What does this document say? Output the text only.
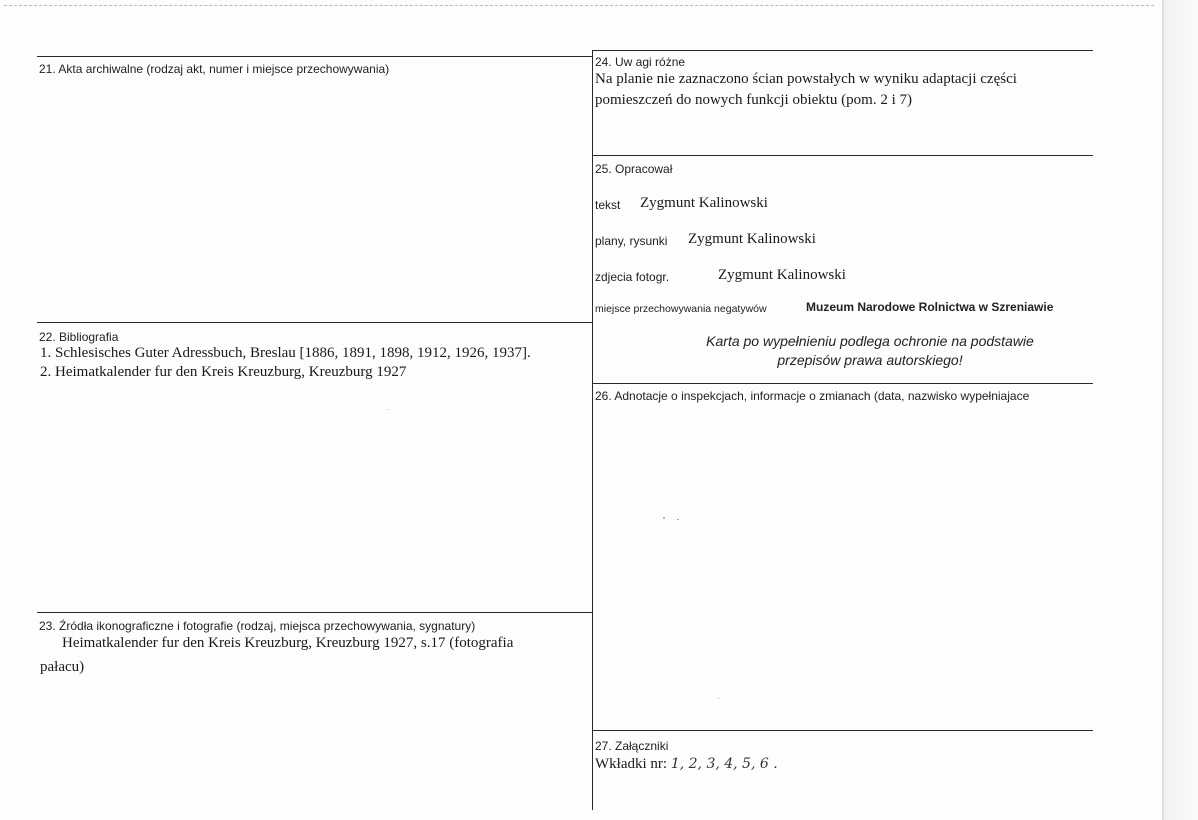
21. Akta archiwalne (rodzaj akt, numer i miejsce przechowywania)
22. Bibliografia
1. Schlesisches Guter Adressbuch, Breslau [1886, 1891, 1898, 1912, 1926, 1937].
2. Heimatkalender fur den Kreis Kreuzburg, Kreuzburg 1927
23. Źródła ikonograficzne i fotografie (rodzaj, miejsca przechowywania, sygnatury)
Heimatkalender fur den Kreis Kreuzburg, Kreuzburg 1927, s.17 (fotografia
pałacu)
24. Uw agi różne
Na planie nie zaznaczono ścian powstałych w wyniku adaptacji części
pomieszczeń do nowych funkcji obiektu (pom. 2 i 7)
25. Opracował
tekst Zygmunt Kalinowski
plany, rysunki Zygmunt Kalinowski
zdjecia fotogr.	Zygmunt Kalinowski
miejsce przechowywania negatywów	Muzeum Narodowe Rolnictwa w Szreniawie
Karta po wypełnieniu podlega ochronie na podstawie
przepisów prawa autorskiego!
26. Adnotacje o inspekcjach, informacje o zmianach (data, nazwisko wypełniajace
27. Załączniki
Wkładki nr: 1, 2, 3, 4, 5, 6 .
